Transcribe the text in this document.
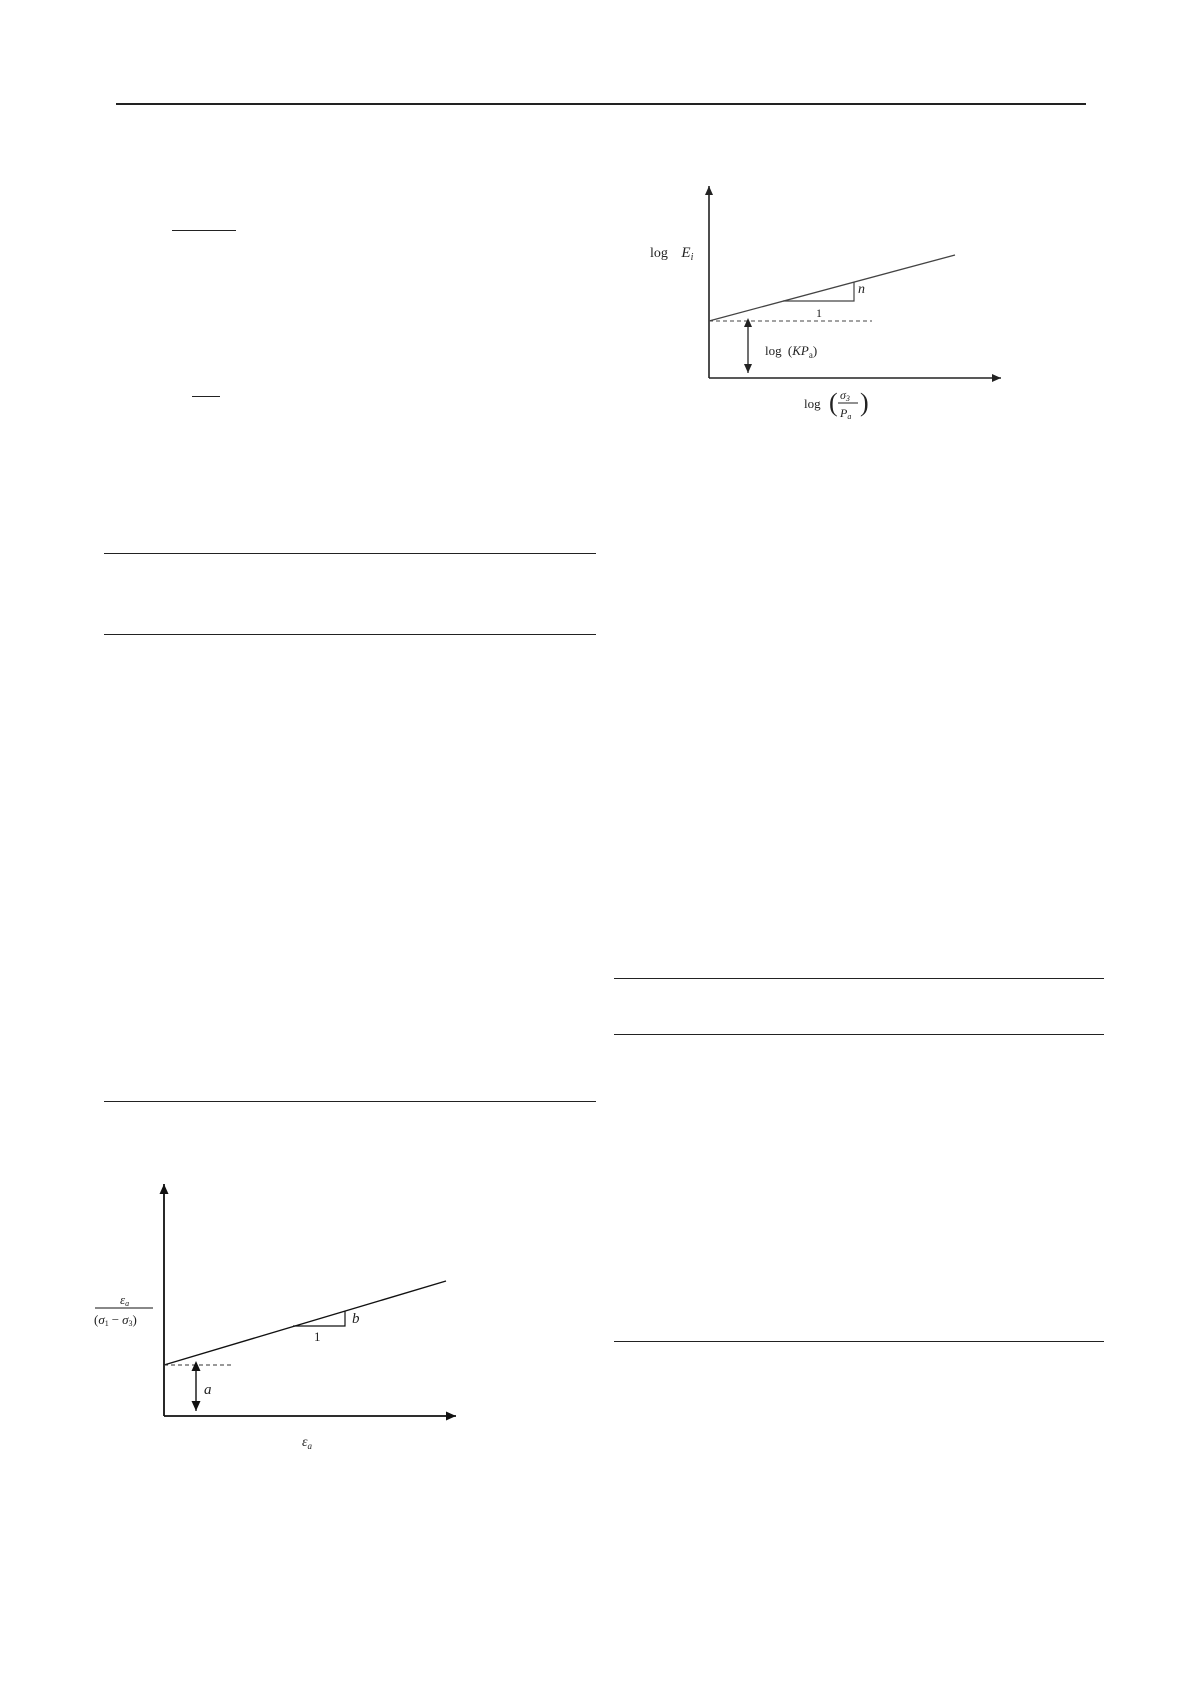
$\log E_i$
n
1
$\log (KP_a)$
log ( σ3
Pa )
εa
(σ1 − σ3)	b
1
a
$\varepsilon_a$
